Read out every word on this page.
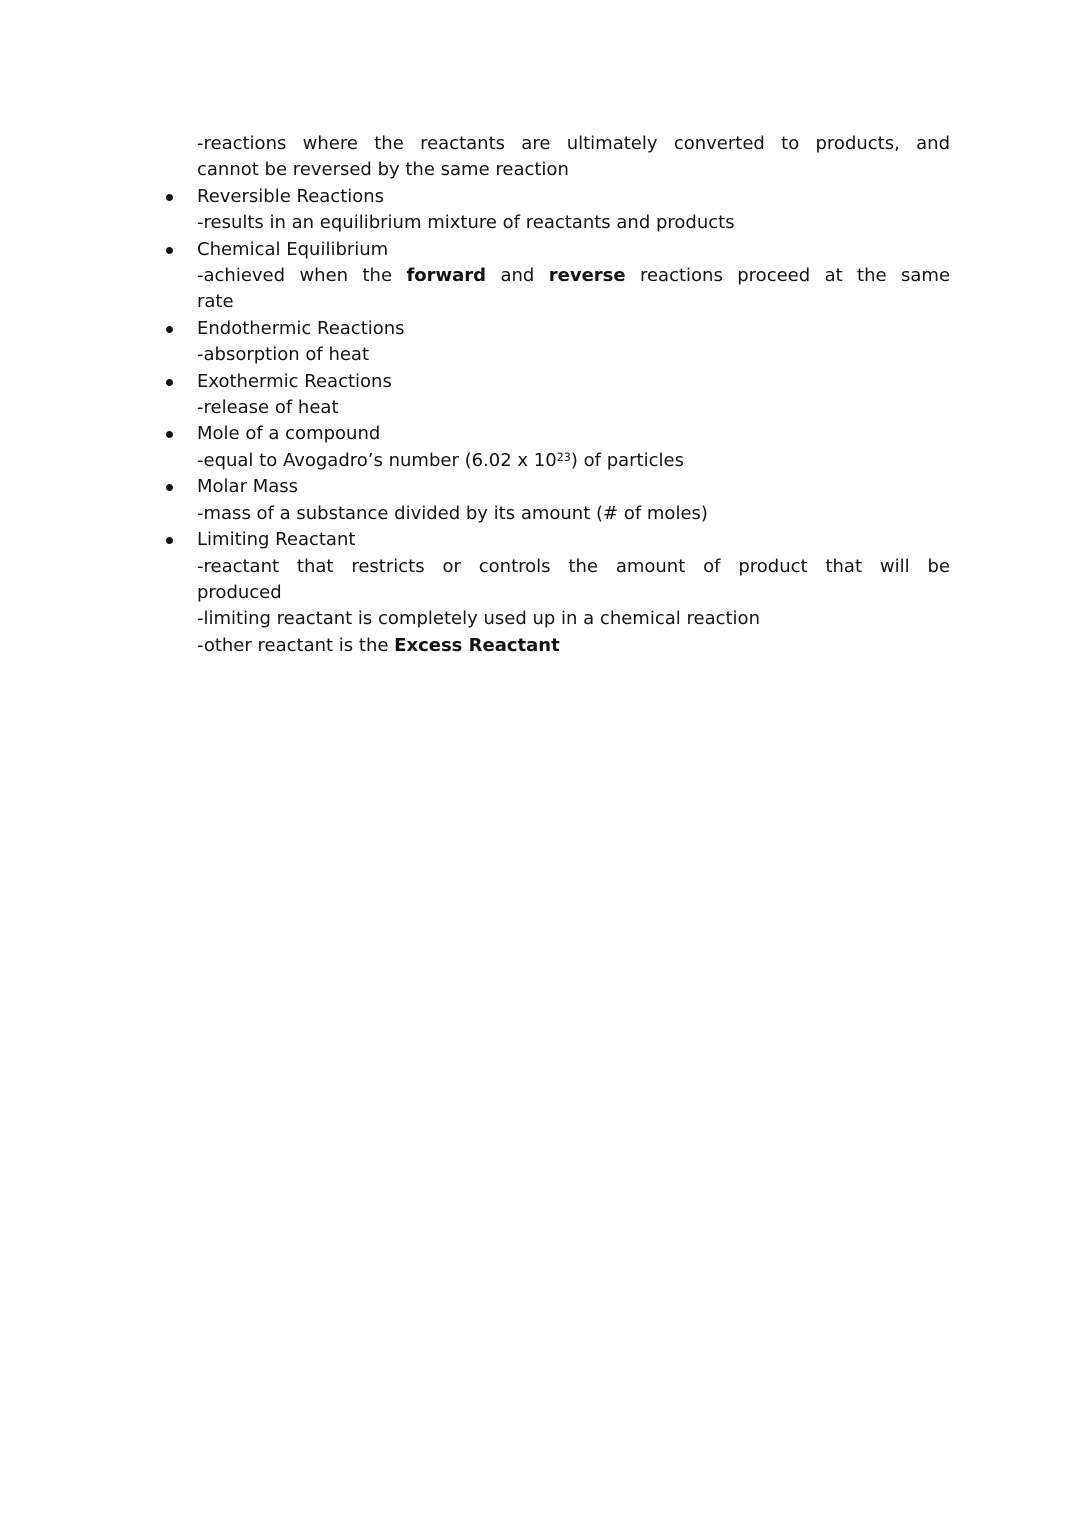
-reactions where the reactants are ultimately converted to products, and
cannot be reversed by the same reaction
Reversible Reactions
-results in an equilibrium mixture of reactants and products
Chemical Equilibrium
-achieved when the forward and reverse reactions proceed at the same
rate
Endothermic Reactions
-absorption of heat
Exothermic Reactions
-release of heat
Mole of a compound
-equal to Avogadro’s number (6.02 x $10^{23}$) of particles
Molar Mass
-mass of a substance divided by its amount (# of moles)
Limiting Reactant
-reactant that restricts or controls the amount of product that will be
produced
-limiting reactant is completely used up in a chemical reaction
-other reactant is the Excess Reactant
